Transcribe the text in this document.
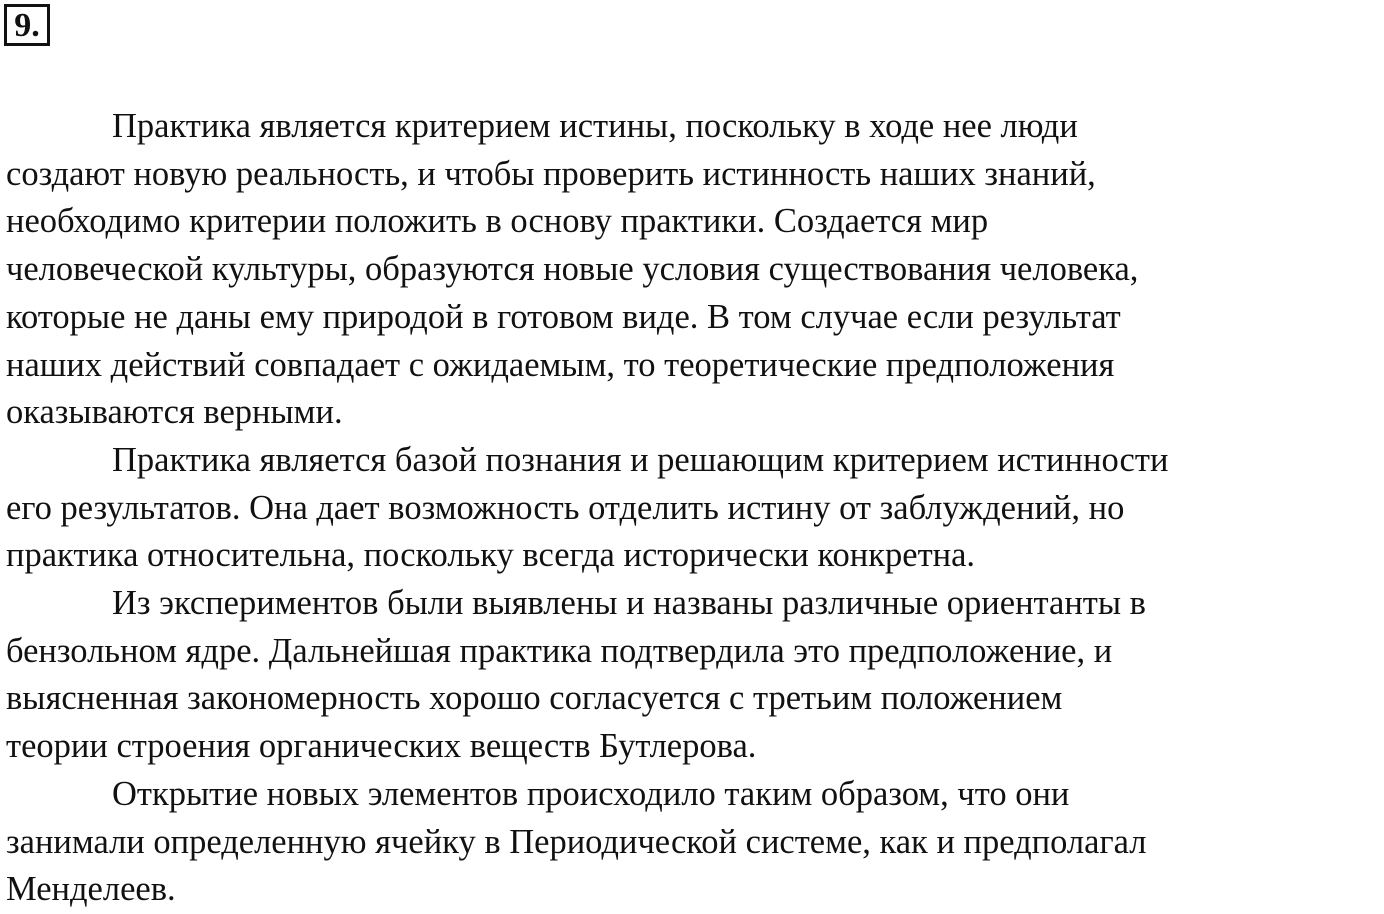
9.

Практика является критерием истины, поскольку в ходе нее люди
создают новую реальность, и чтобы проверить истинность наших знаний,
необходимо критерии положить в основу практики. Создается мир
человеческой культуры, образуются новые условия существования человека,
которые не даны ему природой в готовом виде. В том случае если результат
наших действий совпадает с ожидаемым, то теоретические предположения
оказываются верными.

Практика является базой познания и решающим критерием истинности
его результатов. Она дает возможность отделить истину от заблуждений, но
практика относительна, поскольку всегда исторически конкретна.

Из экспериментов были выявлены и названы различные ориентанты в
бензольном ядре. Дальнейшая практика подтвердила это предположение, и
выясненная закономерность хорошо согласуется с третьим положением
теории строения органических веществ Бутлерова.

Открытие новых элементов происходило таким образом, что они
занимали определенную ячейку в Периодической системе, как и предполагал
Менделеев.
